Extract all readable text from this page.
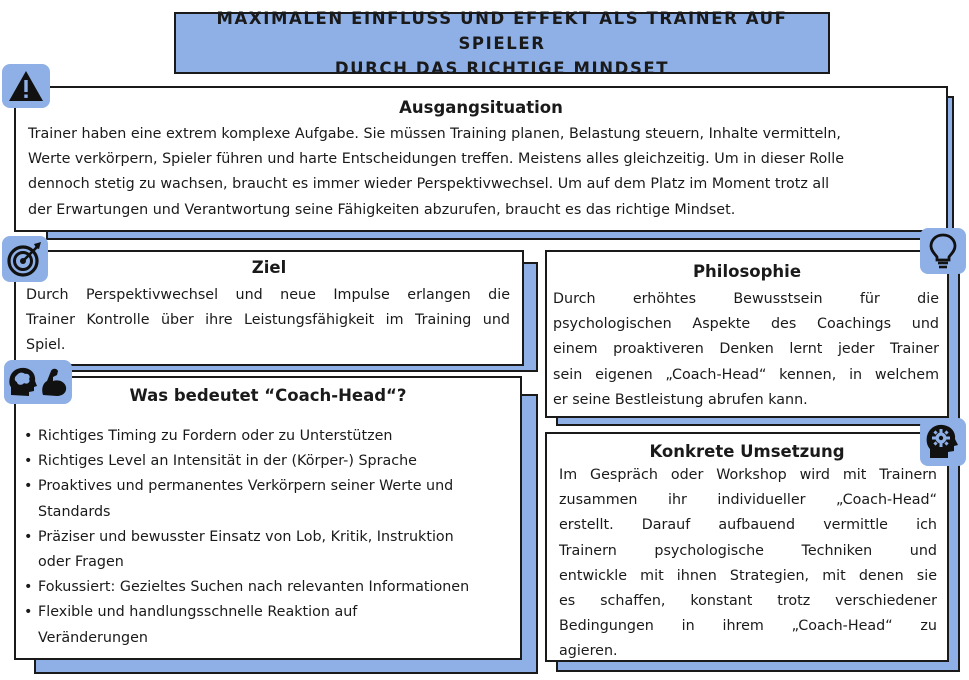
MAXIMALEN EINFLUSS UND EFFEKT ALS TRAINER AUF SPIELER
DURCH DAS RICHTIGE MINDSET
Ausgangsituation
Trainer haben eine extrem komplexe Aufgabe. Sie müssen Training planen, Belastung steuern, Inhalte vermitteln,
Werte verkörpern, Spieler führen und harte Entscheidungen treffen. Meistens alles gleichzeitig. Um in dieser Rolle
dennoch stetig zu wachsen, braucht es immer wieder Perspektivwechsel. Um auf dem Platz im Moment trotz all
der Erwartungen und Verantwortung seine Fähigkeiten abzurufen, braucht es das richtige Mindset.
Ziel
Durch Perspektivwechsel und neue Impulse erlangen die
Trainer Kontrolle über ihre Leistungsfähigkeit im Training und
Spiel.
Philosophie
Durch erhöhtes Bewusstsein für die
psychologischen Aspekte des Coachings und
einem proaktiveren Denken lernt jeder Trainer
sein eigenen „Coach-Head“ kennen, in welchem
er seine Bestleistung abrufen kann.
Was bedeutet “Coach-Head“?
• Richtiges Timing zu Fordern oder zu Unterstützen
• Richtiges Level an Intensität in der (Körper-) Sprache
• Proaktives und permanentes Verkörpern seiner Werte und
Standards
• Präziser und bewusster Einsatz von Lob, Kritik, Instruktion
oder Fragen
• Fokussiert: Gezieltes Suchen nach relevanten Informationen
• Flexible und handlungsschnelle Reaktion auf
Veränderungen
Konkrete Umsetzung
Im Gespräch oder Workshop wird mit Trainern
zusammen ihr individueller „Coach-Head“
erstellt. Darauf aufbauend vermittle ich
Trainern psychologische Techniken und
entwickle mit ihnen Strategien, mit denen sie
es schaffen, konstant trotz verschiedener
Bedingungen in ihrem „Coach-Head“ zu
agieren.
